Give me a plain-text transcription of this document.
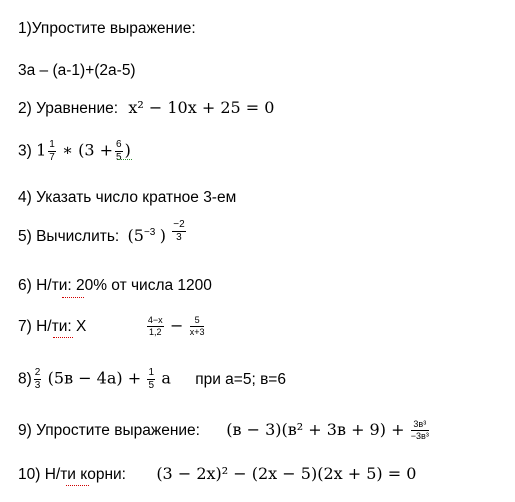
1)Упростите выражение:
3а – (а-1)+(2а-5)
2) Уравнение: x² − 10x + 25 = 0
3) $1 \frac{1}{7}$ ∗ ($3 + \frac{6}{5}$ )
4) Указать число кратное 3-ем
5) Вычислить: ($5^{-3}$ ) $\frac{-2}{3}$
6) Н/ти: 20% от числа 1200
7) Н/ти: Х	$\frac{4-x}{1,2} - \frac{5}{x+3}$
$8) \frac{2}{3} (5в - 4а) + \frac{1}{5}$ а при а=5; в=6
9) Упростите выражение: $(в - 3)(в^2 + 3в + 9) + \frac{\text{3в³}}{\text{−3в³}}$
10) Н/ти корни: (3 − 2x)² − (2x − 5)(2x + 5) = 0
